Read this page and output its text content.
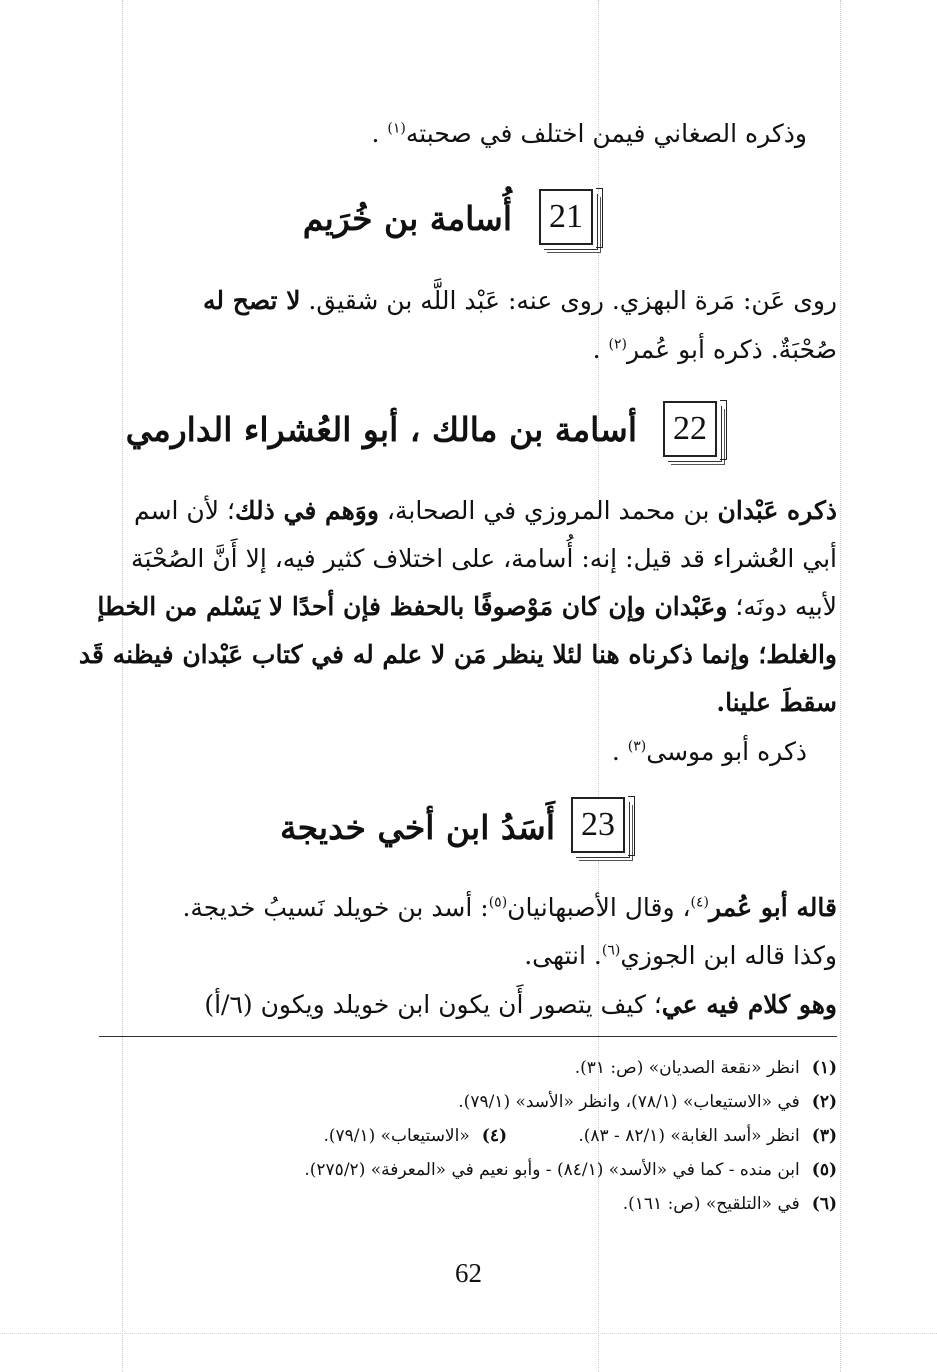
وذكره الصغاني فيمن اختلف في صحبته$^{(١)}$ .
21
أُسامة بن خُرَيم
روى عَن: مَرة البهزي. روى عنه: عَبْد اللَّه بن شقيق. لا تصح له
صُحْبَةٌ. ذكره أبو عُمر$^{(٢)}$ .
22
أسامة بن مالك ، أبو العُشراء الدارمي
ذكره عَبْدان بن محمد المروزي في الصحابة، ووَهم في ذلك؛ لأن اسم
أبي العُشراء قد قيل: إنه: أُسامة، على اختلاف كثير فيه، إلا أَنَّ الصُحْبَة
لأبيه دونَه؛ وعَبْدان وإن كان مَوْصوفًا بالحفظ فإن أحدًا لا يَسْلم من الخطإ
والغلط؛ وإنما ذكرناه هنا لئلا ينظر مَن لا علم له في كتاب عَبْدان فيظنه قَد
سقطَ علينا.
ذكره أبو موسى$^{(٣)}$ .
23
أَسَدُ ابن أخي خديجة
قاله أبو عُمر$^{(٤)}$، وقال الأصبهانيان$^{(٥)}$: أسد بن خويلد نَسيبُ خديجة.
وكذا قاله ابن الجوزي$^{(٦)}$. انتهى.
وهو كلام فيه عي؛ كيف يتصور أَن يكون ابن خويلد ويكون (٦/أ)
(١)انظر «نقعة الصديان» (ص: ٣١).
(٢)في «الاستيعاب» (٧٨/١)، وانظر «الأسد» (٧٩/١).
(٣)انظر «أسد الغابة» (٨٢/١ - ٨٣).
(٤)«الاستيعاب» (٧٩/١).
(٥)ابن منده - كما في «الأسد» (٨٤/١) - وأبو نعيم في «المعرفة» (٢٧٥/٢).
(٦)في «التلقيح» (ص: ١٦١).
62
